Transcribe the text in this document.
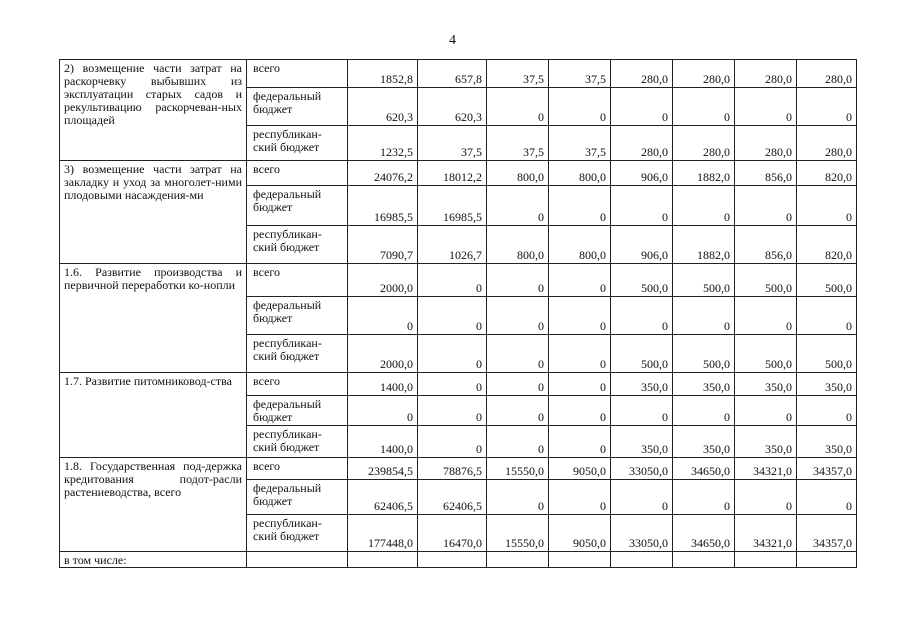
4
2) возмещение части затрат на раскорчевку выбывших из эксплуатации старых садов и рекультивацию раскорчеван-ных площадей	всего	1852,8	657,8	37,5	37,5	280,0	280,0	280,0	280,0
	федеральный бюджет	620,3	620,3	0	0	0	0	0	0
	республикан-ский бюджет	1232,5	37,5	37,5	37,5	280,0	280,0	280,0	280,0
3) возмещение части затрат на закладку и уход за многолет-ними плодовыми насаждения-ми	всего	24076,2	18012,2	800,0	800,0	906,0	1882,0	856,0	820,0
	федеральный бюджет	16985,5	16985,5	0	0	0	0	0	0
	республикан-ский бюджет	7090,7	1026,7	800,0	800,0	906,0	1882,0	856,0	820,0
1.6. Развитие производства и первичной переработки ко-нопли	всего	2000,0	0	0	0	500,0	500,0	500,0	500,0
	федеральный бюджет	0	0	0	0	0	0	0	0
	республикан-ский бюджет	2000,0	0	0	0	500,0	500,0	500,0	500,0
1.7. Развитие питомниковод-ства	всего	1400,0	0	0	0	350,0	350,0	350,0	350,0
	федеральный бюджет	0	0	0	0	0	0	0	0
	республикан-ский бюджет	1400,0	0	0	0	350,0	350,0	350,0	350,0
1.8. Государственная под-держка кредитования подот-расли растениеводства, всего	всего	239854,5	78876,5	15550,0	9050,0	33050,0	34650,0	34321,0	34357,0
	федеральный бюджет	62406,5	62406,5	0	0	0	0	0	0
	республикан-ский бюджет	177448,0	16470,0	15550,0	9050,0	33050,0	34650,0	34321,0	34357,0
в том числе:									
